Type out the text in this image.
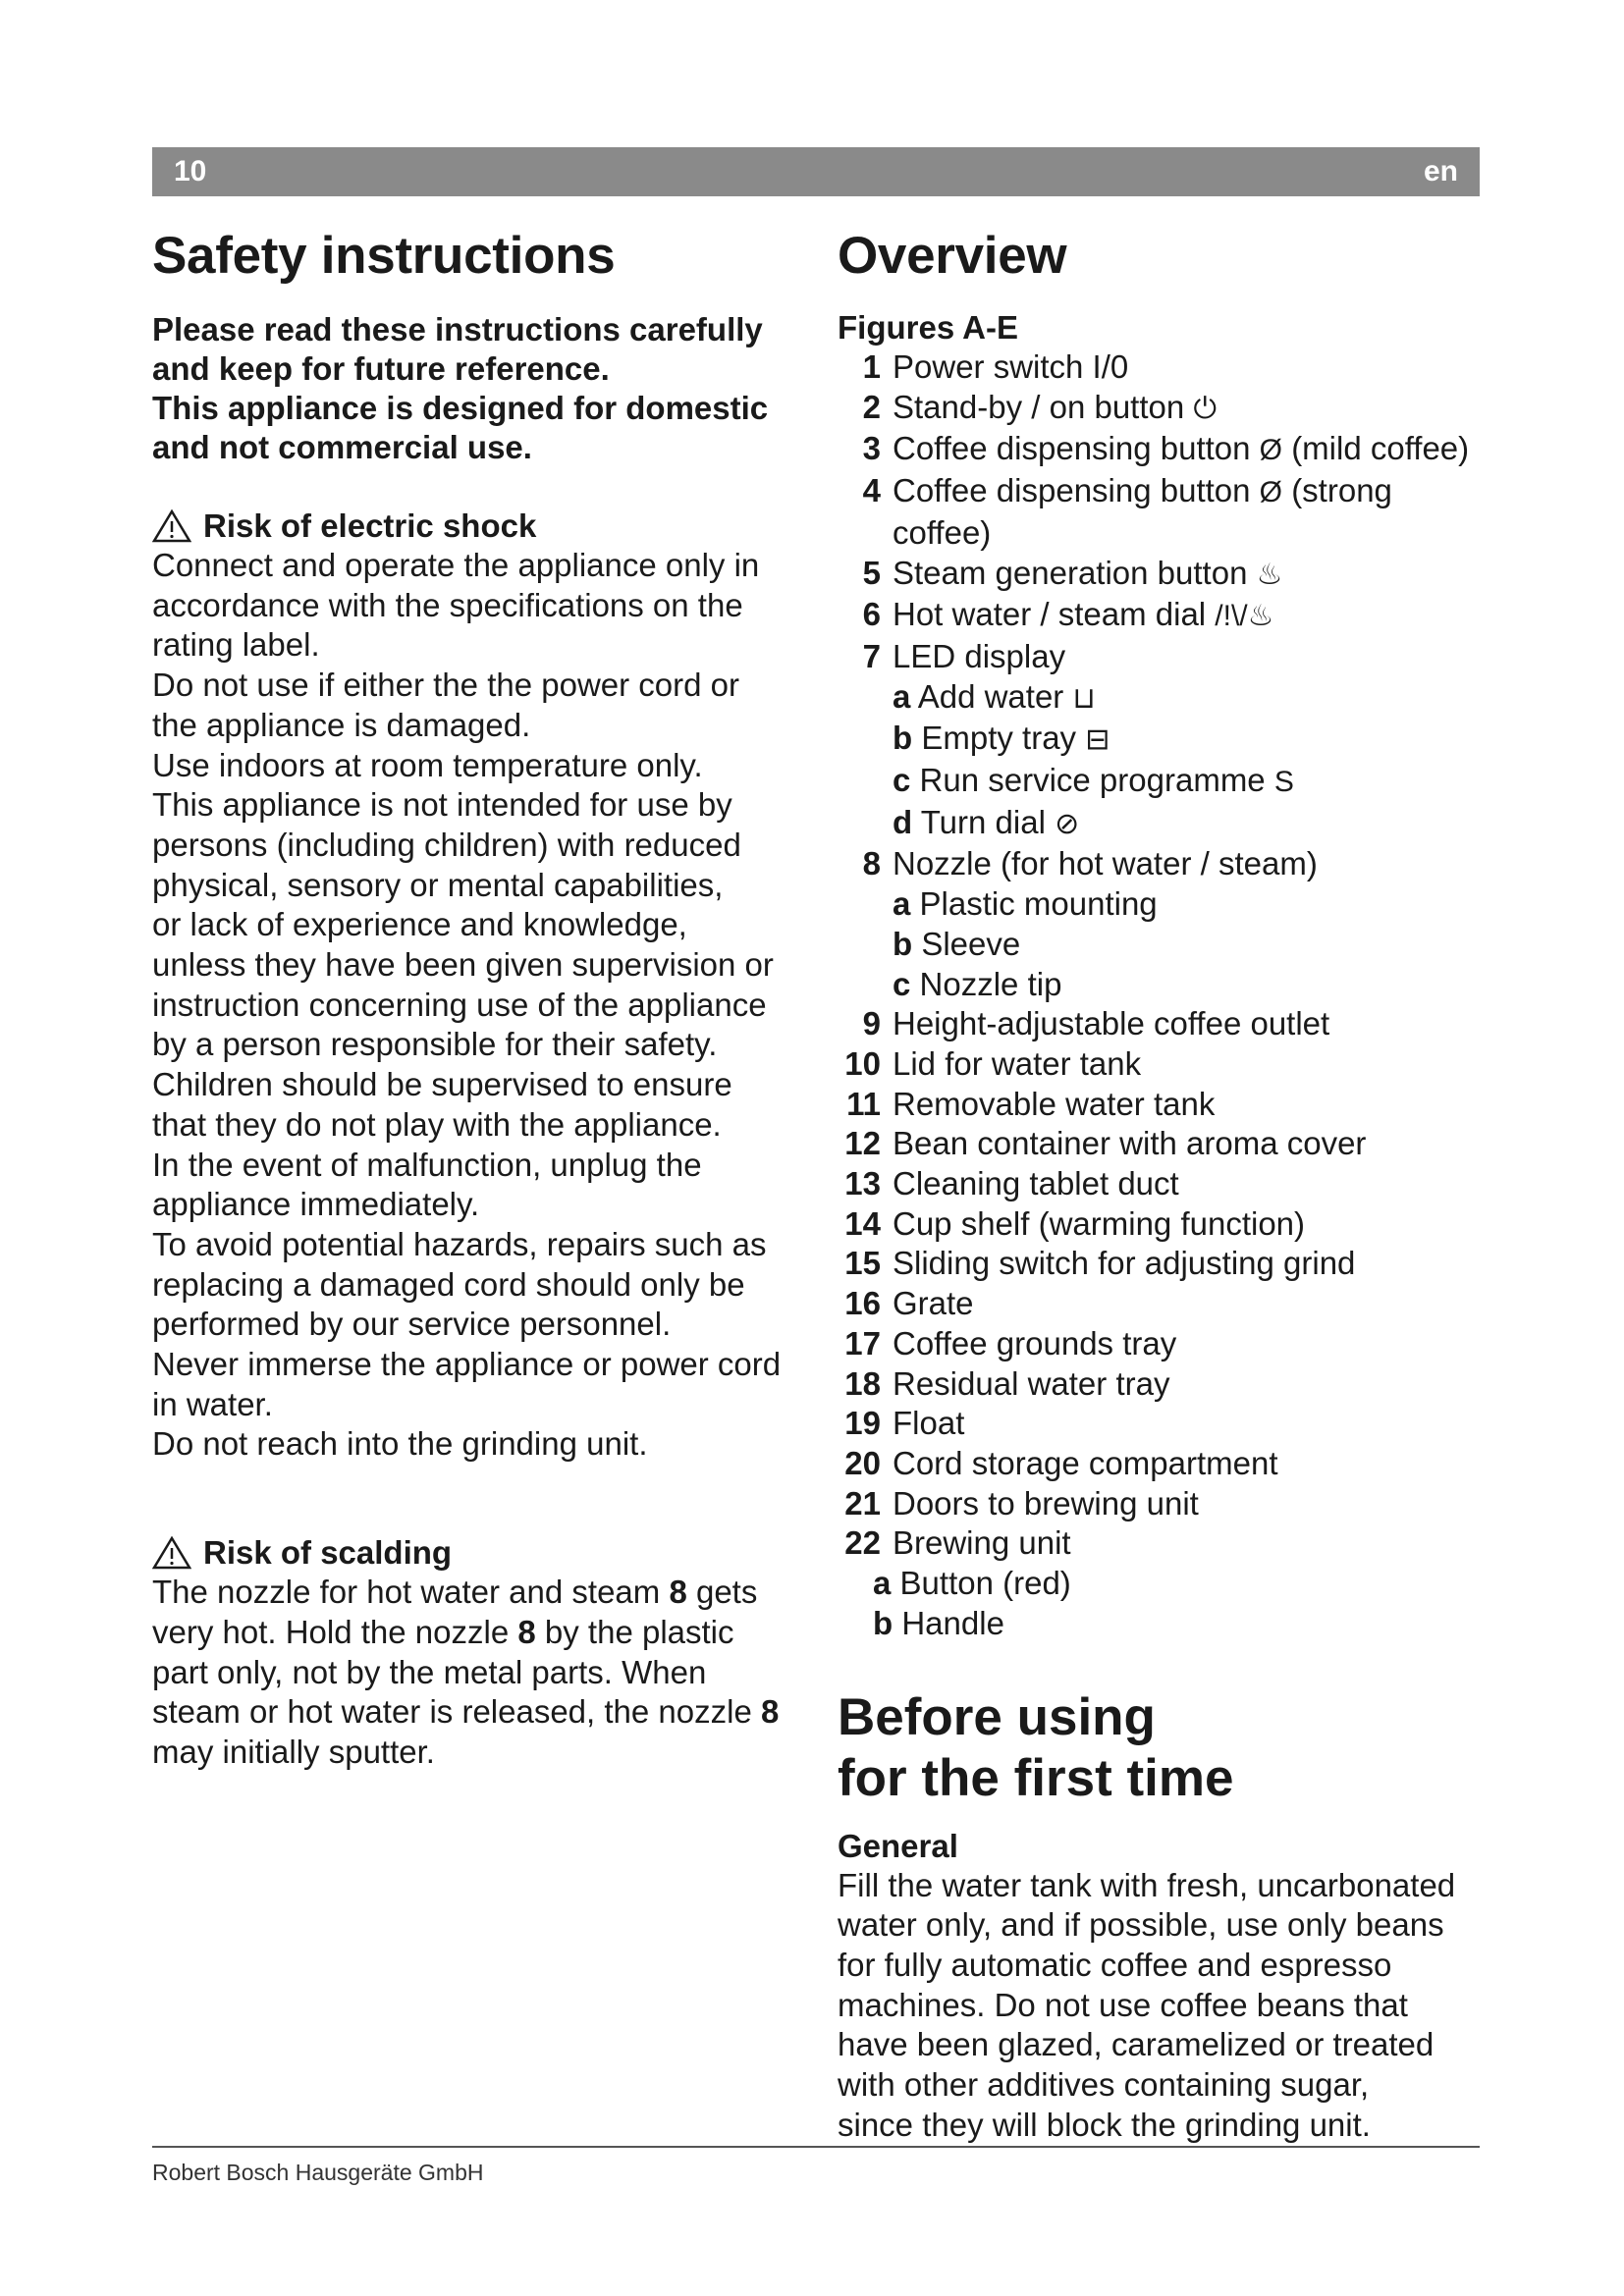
10	en
Safety instructions
Please read these instructions carefully
and keep for future reference.
This appliance is designed for domestic
and not commercial use.
Risk of electric shock

Connect and operate the appliance only in

accordance with the specifications on the

rating label.

Do not use if either the the power cord or

the appliance is damaged.

Use indoors at room temperature only.

This appliance is not intended for use by

persons (including children) with reduced

physical, sensory or mental capabilities,

or lack of experience and knowledge,

unless they have been given supervision or

instruction concerning use of the appliance

by a person responsible for their safety.

Children should be supervised to ensure

that they do not play with the appliance.

In the event of malfunction, unplug the

appliance immediately.

To avoid potential hazards, repairs such as

replacing a damaged cord should only be

performed by our service personnel.

Never immerse the appliance or power cord

in water.

Do not reach into the grinding unit.

Risk of scalding

The nozzle for hot water and steam 8 gets

very hot. Hold the nozzle 8 by the plastic

part only, not by the metal parts. When

steam or hot water is released, the nozzle 8

may initially sputter.

Overview
Figures A-E
1 Power switch I/0
2 Stand-by / on button ⏻
3 Coffee dispensing button Ø (mild coffee)
4 Coffee dispensing button Ø (strong
coffee)
5 Steam generation button ♨
6 Hot water / steam dial /!\/♨
7 LED display
a Add water ⊔
b Empty tray ⊟
c Run service programme S
d Turn dial ⊘
8 Nozzle (for hot water / steam)
a Plastic mounting
b Sleeve
c Nozzle tip
9 Height-adjustable coffee outlet
10 Lid for water tank
11 Removable water tank
12 Bean container with aroma cover
13 Cleaning tablet duct
14 Cup shelf (warming function)
15 Sliding switch for adjusting grind
16 Grate
17 Coffee grounds tray
18 Residual water tray
19 Float
20 Cord storage compartment
21 Doors to brewing unit
22 Brewing unit
a Button (red)
b Handle
Before using
for the first time
General

Fill the water tank with fresh, uncarbonated

water only, and if possible, use only beans

for fully automatic coffee and espresso

machines. Do not use coffee beans that

have been glazed, caramelized or treated

with other additives containing sugar,

since they will block the grinding unit.

Robert Bosch Hausgeräte GmbH
